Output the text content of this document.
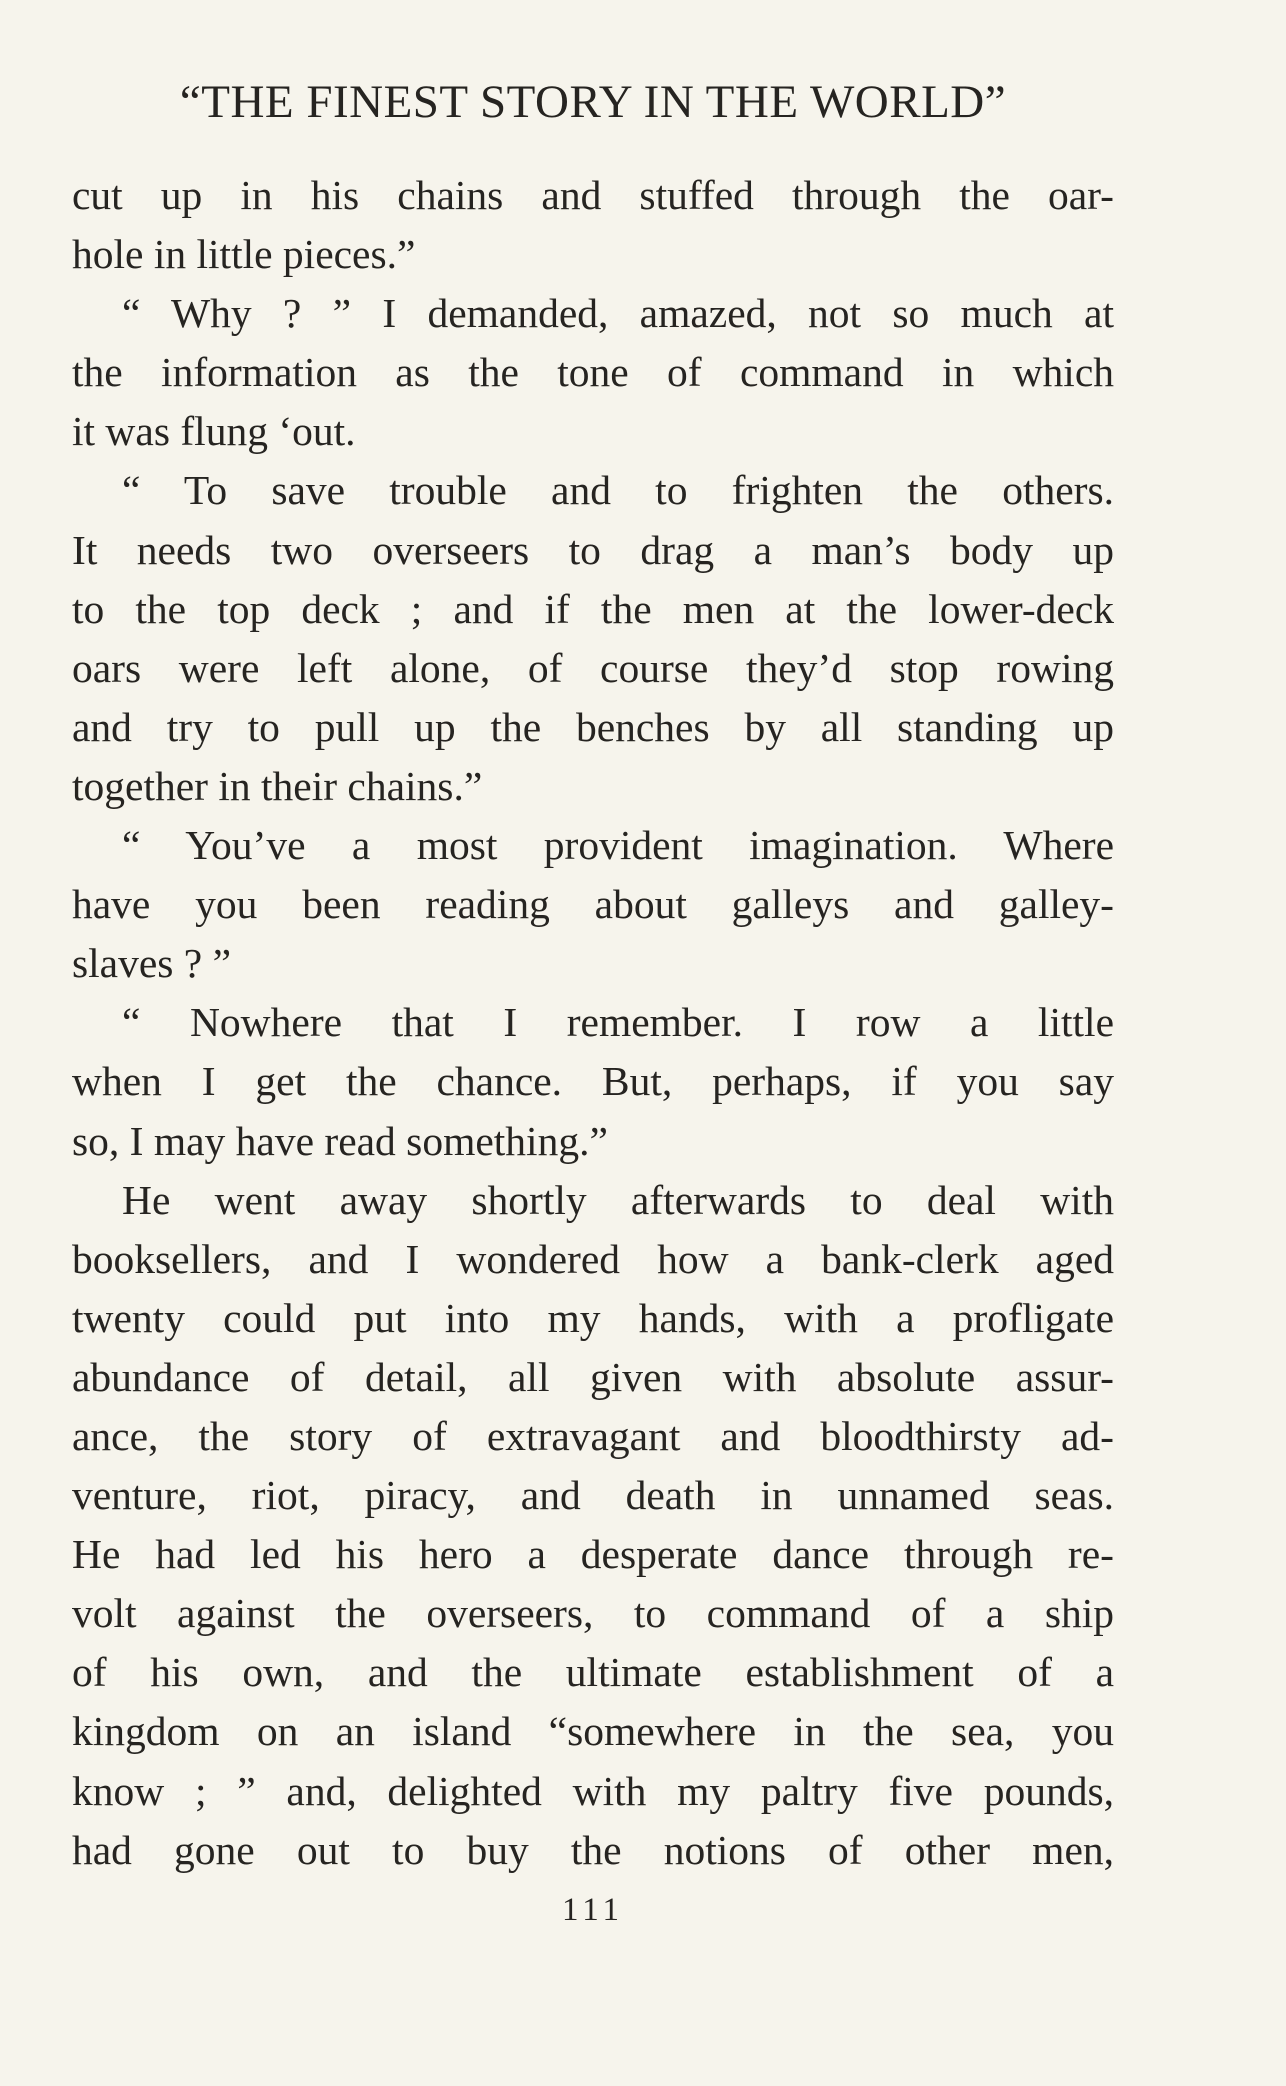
“THE FINEST STORY IN THE WORLD”
cut up in his chains and stuffed through the oar-
hole in little pieces.”
“ Why ? ” I demanded, amazed, not so much at
the information as the tone of command in which
it was flung ‘out.
“ To save trouble and to frighten the others.
It needs two overseers to drag a man’s body up
to the top deck ; and if the men at the lower-deck
oars were left alone, of course they’d stop rowing
and try to pull up the benches by all standing up
together in their chains.”
“ You’ve a most provident imagination. Where
have you been reading about galleys and galley-
slaves ? ”
“ Nowhere that I remember. I row a little
when I get the chance. But, perhaps, if you say
so, I may have read something.”
He went away shortly afterwards to deal with
booksellers, and I wondered how a bank-clerk aged
twenty could put into my hands, with a profligate
abundance of detail, all given with absolute assur-
ance, the story of extravagant and bloodthirsty ad-
venture, riot, piracy, and death in unnamed seas.
He had led his hero a desperate dance through re-
volt against the overseers, to command of a ship
of his own, and the ultimate establishment of a
kingdom on an island “somewhere in the sea, you
know ; ” and, delighted with my paltry five pounds,
had gone out to buy the notions of other men,
111
